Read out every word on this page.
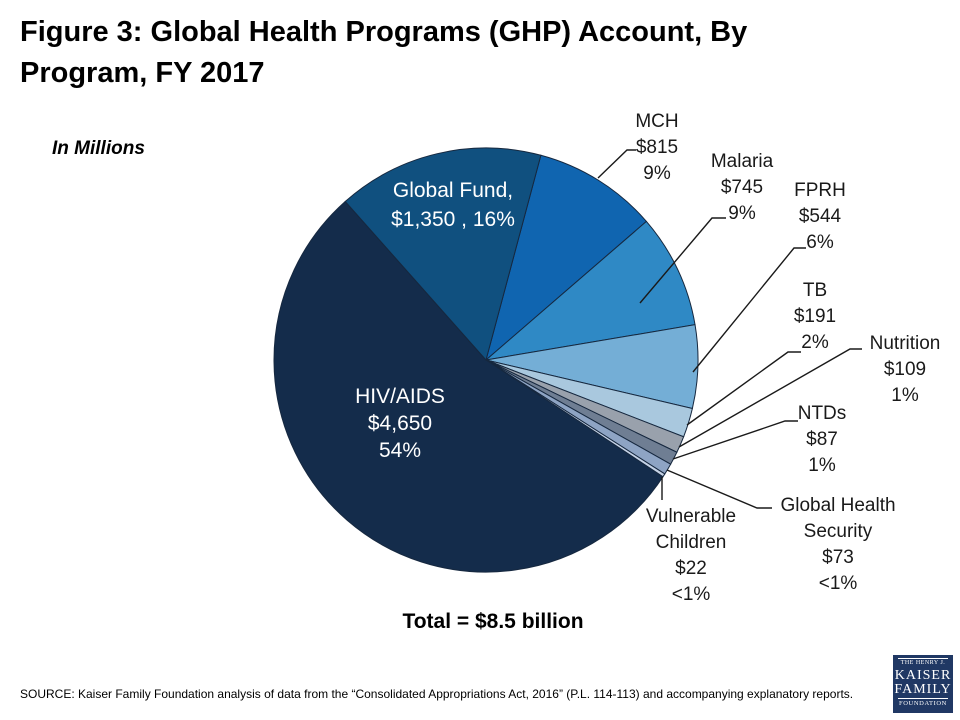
Figure 3: Global Health Programs (GHP) Account, By Program, FY 2017
In Millions
MCH $815 9%
Malaria $745 9%
FPRH $544 6%
TB $191 2%	Nutrition $109 1%
NTDs $87 1%
Global Health Security $73 <1%
Vulnerable Children $22 <1%
HIV/AIDS $4,650 54%
Global Fund, $1,350 , 16%
Total = $8.5 billion
SOURCE: Kaiser Family Foundation analysis of data from the “Consolidated Appropriations Act, 2016” (P.L. 114-113) and accompanying explanatory reports.
THE HENRY J.
KAISER
FAMILY
FOUNDATION
